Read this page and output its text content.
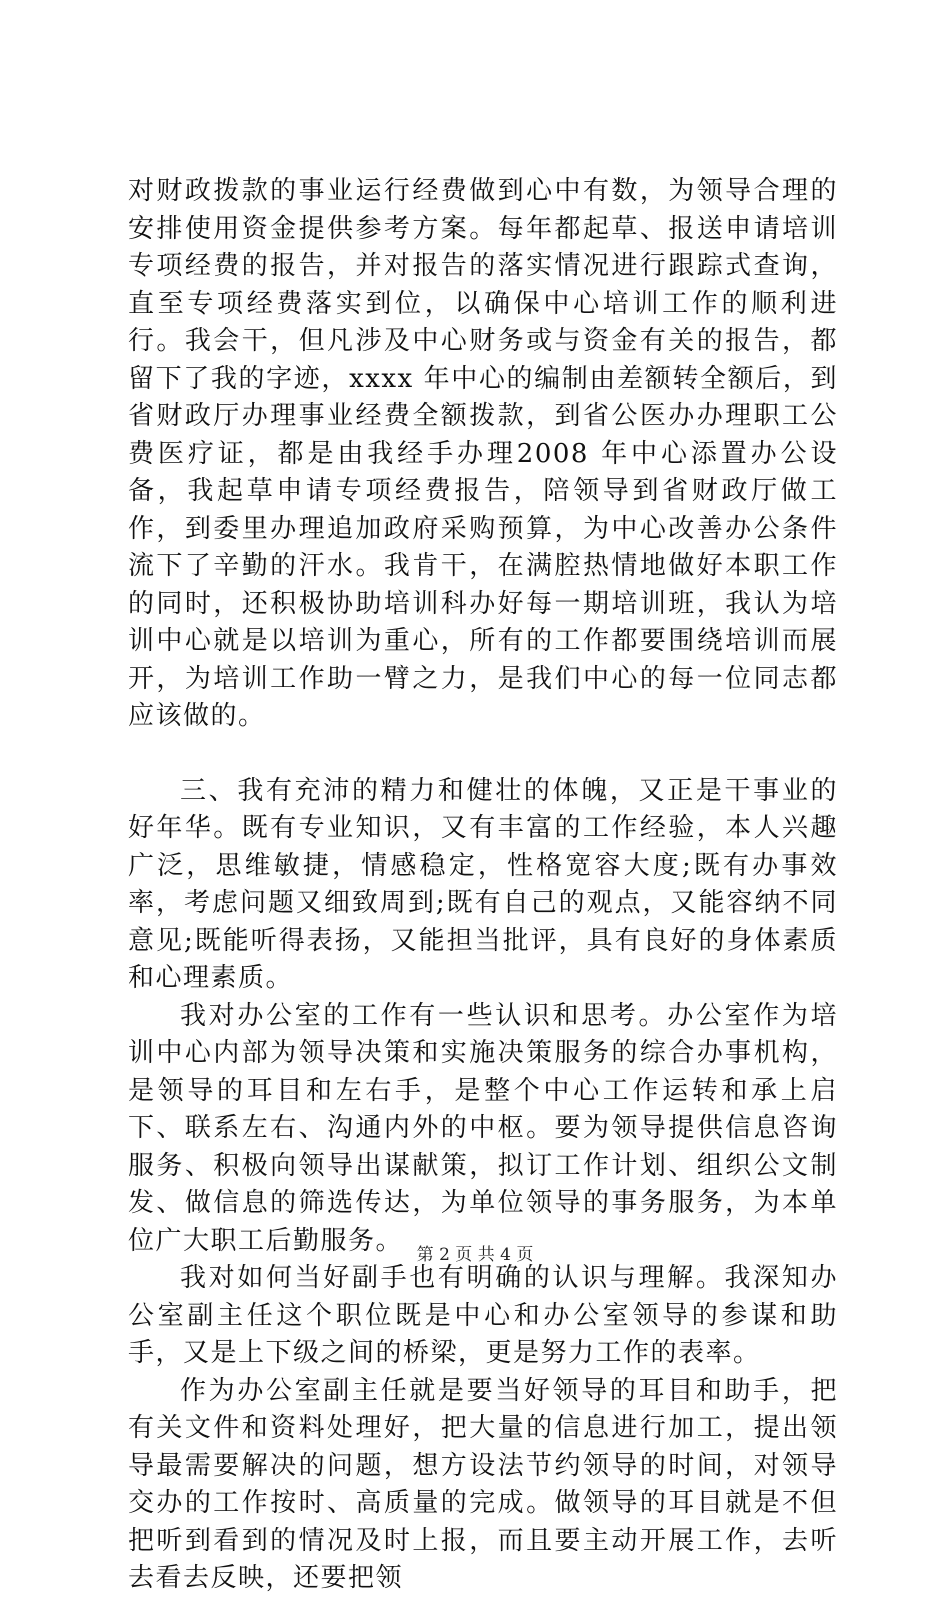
对财政拨款的事业运行经费做到心中有数，为领导合理的安排使用资金提供参考方案。每年都起草、报送申请培训专项经费的报告，并对报告的落实情况进行跟踪式查询，直至专项经费落实到位，以确保中心培训工作的顺利进行。我会干，但凡涉及中心财务或与资金有关的报告，都留下了我的字迹，xxxx 年中心的编制由差额转全额后，到省财政厅办理事业经费全额拨款，到省公医办办理职工公费医疗证，都是由我经手办理2008 年中心添置办公设备，我起草申请专项经费报告，陪领导到省财政厅做工作，到委里办理追加政府采购预算，为中心改善办公条件流下了辛勤的汗水。我肯干，在满腔热情地做好本职工作的同时，还积极协助培训科办好每一期培训班，我认为培训中心就是以培训为重心，所有的工作都要围绕培训而展开，为培训工作助一臂之力，是我们中心的每一位同志都应该做的。

三、我有充沛的精力和健壮的体魄，又正是干事业的好年华。既有专业知识，又有丰富的工作经验，本人兴趣广泛，思维敏捷，情感稳定，性格宽容大度;既有办事效率，考虑问题又细致周到;既有自己的观点，又能容纳不同意见;既能听得表扬，又能担当批评，具有良好的身体素质和心理素质。

我对办公室的工作有一些认识和思考。办公室作为培训中心内部为领导决策和实施决策服务的综合办事机构，是领导的耳目和左右手，是整个中心工作运转和承上启下、联系左右、沟通内外的中枢。要为领导提供信息咨询服务、积极向领导出谋献策，拟订工作计划、组织公文制发、做信息的筛选传达，为单位领导的事务服务，为本单位广大职工后勤服务。

我对如何当好副手也有明确的认识与理解。我深知办公室副主任这个职位既是中心和办公室领导的参谋和助手，又是上下级之间的桥梁，更是努力工作的表率。

作为办公室副主任就是要当好领导的耳目和助手，把有关文件和资料处理好，把大量的信息进行加工，提出领导最需要解决的问题，想方设法节约领导的时间，对领导交办的工作按时、高质量的完成。做领导的耳目就是不但把听到看到的情况及时上报，而且要主动开展工作，去听去看去反映，还要把领

第 2 页 共 4 页
